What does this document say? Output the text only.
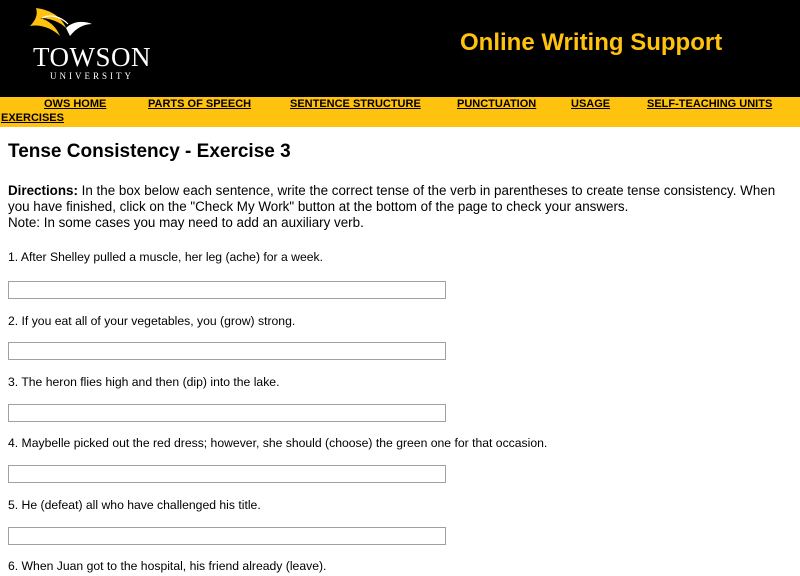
TOWSON
UNIVERSITY
Online Writing Support
OWS HOME	PARTS OF SPEECH	SENTENCE STRUCTURE	PUNCTUATION	USAGE	SELF-TEACHING UNITS
EXERCISES
Tense Consistency - Exercise 3
Directions: In the box below each sentence, write the correct tense of the verb in parentheses to create tense consistency. When you have finished, click on the "Check My Work" button at the bottom of the page to check your answers.
Note: In some cases you may need to add an auxiliary verb.
1. After Shelley pulled a muscle, her leg (ache) for a week.
2. If you eat all of your vegetables, you (grow) strong.
3. The heron flies high and then (dip) into the lake.
4. Maybelle picked out the red dress; however, she should (choose) the green one for that occasion.
5. He (defeat) all who have challenged his title.
6. When Juan got to the hospital, his friend already (leave).
